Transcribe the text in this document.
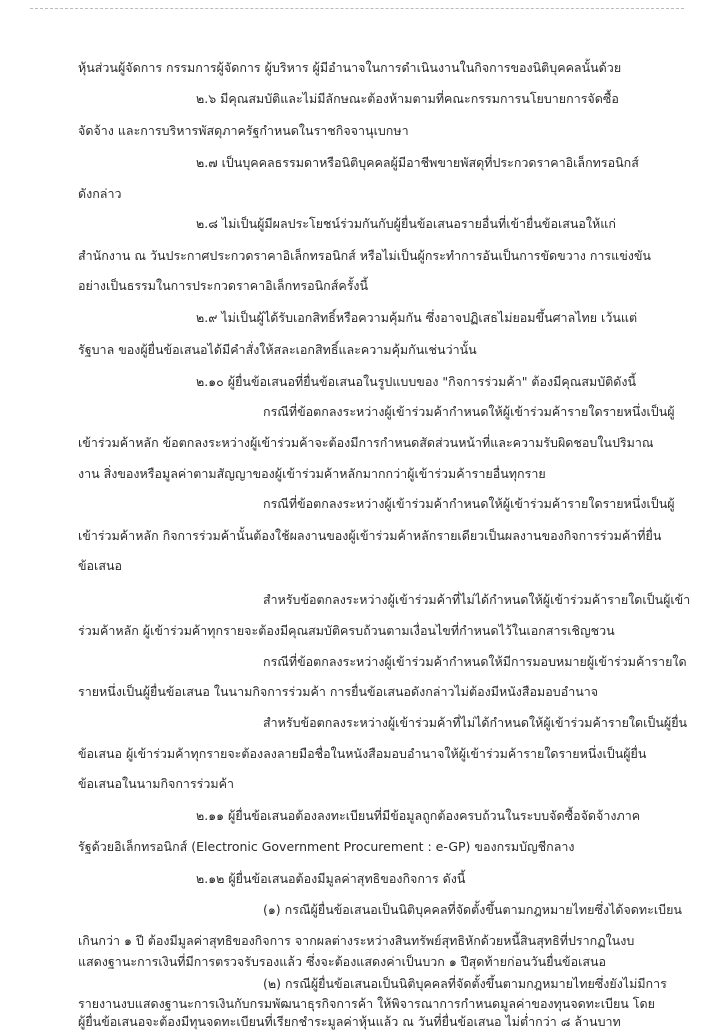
หุ้นส่วนผู้จัดการ กรรมการผู้จัดการ ผู้บริหาร ผู้มีอำนาจในการดำเนินงานในกิจการของนิติบุคคลนั้นด้วย
๒.๖ มีคุณสมบัติและไม่มีลักษณะต้องห้ามตามที่คณะกรรมการนโยบายการจัดซื้อ
จัดจ้าง และการบริหารพัสดุภาครัฐกำหนดในราชกิจจานุเบกษา
๒.๗ เป็นบุคคลธรรมดาหรือนิติบุคคลผู้มีอาชีพขายพัสดุที่ประกวดราคาอิเล็กทรอนิกส์
ดังกล่าว
๒.๘ ไม่เป็นผู้มีผลประโยชน์ร่วมกันกับผู้ยื่นข้อเสนอรายอื่นที่เข้ายื่นข้อเสนอให้แก่
สำนักงาน ณ วันประกาศประกวดราคาอิเล็กทรอนิกส์ หรือไม่เป็นผู้กระทำการอันเป็นการขัดขวาง การแข่งขัน
อย่างเป็นธรรมในการประกวดราคาอิเล็กทรอนิกส์ครั้งนี้
๒.๙ ไม่เป็นผู้ได้รับเอกสิทธิ์หรือความคุ้มกัน ซึ่งอาจปฏิเสธไม่ยอมขึ้นศาลไทย เว้นแต่
รัฐบาล ของผู้ยื่นข้อเสนอได้มีคำสั่งให้สละเอกสิทธิ์และความคุ้มกันเช่นว่านั้น
๒.๑๐ ผู้ยื่นข้อเสนอที่ยื่นข้อเสนอในรูปแบบของ "กิจการร่วมค้า" ต้องมีคุณสมบัติดังนี้
กรณีที่ข้อตกลงระหว่างผู้เข้าร่วมค้ากำหนดให้ผู้เข้าร่วมค้ารายใดรายหนึ่งเป็นผู้
เข้าร่วมค้าหลัก ข้อตกลงระหว่างผู้เข้าร่วมค้าจะต้องมีการกำหนดสัดส่วนหน้าที่และความรับผิดชอบในปริมาณ
งาน สิ่งของหรือมูลค่าตามสัญญาของผู้เข้าร่วมค้าหลักมากกว่าผู้เข้าร่วมค้ารายอื่นทุกราย
กรณีที่ข้อตกลงระหว่างผู้เข้าร่วมค้ากำหนดให้ผู้เข้าร่วมค้ารายใดรายหนึ่งเป็นผู้
เข้าร่วมค้าหลัก กิจการร่วมค้านั้นต้องใช้ผลงานของผู้เข้าร่วมค้าหลักรายเดียวเป็นผลงานของกิจการร่วมค้าที่ยื่น
ข้อเสนอ
สำหรับข้อตกลงระหว่างผู้เข้าร่วมค้าที่ไม่ได้กำหนดให้ผู้เข้าร่วมค้ารายใดเป็นผู้เข้า
ร่วมค้าหลัก ผู้เข้าร่วมค้าทุกรายจะต้องมีคุณสมบัติครบถ้วนตามเงื่อนไขที่กำหนดไว้ในเอกสารเชิญชวน
กรณีที่ข้อตกลงระหว่างผู้เข้าร่วมค้ากำหนดให้มีการมอบหมายผู้เข้าร่วมค้ารายใด
รายหนึ่งเป็นผู้ยื่นข้อเสนอ ในนามกิจการร่วมค้า การยื่นข้อเสนอดังกล่าวไม่ต้องมีหนังสือมอบอำนาจ
สำหรับข้อตกลงระหว่างผู้เข้าร่วมค้าที่ไม่ได้กำหนดให้ผู้เข้าร่วมค้ารายใดเป็นผู้ยื่น
ข้อเสนอ ผู้เข้าร่วมค้าทุกรายจะต้องลงลายมือชื่อในหนังสือมอบอำนาจให้ผู้เข้าร่วมค้ารายใดรายหนึ่งเป็นผู้ยื่น
ข้อเสนอในนามกิจการร่วมค้า
๒.๑๑ ผู้ยื่นข้อเสนอต้องลงทะเบียนที่มีข้อมูลถูกต้องครบถ้วนในระบบจัดซื้อจัดจ้างภาค
รัฐด้วยอิเล็กทรอนิกส์ (Electronic Government Procurement : e-GP) ของกรมบัญชีกลาง
๒.๑๒ ผู้ยื่นข้อเสนอต้องมีมูลค่าสุทธิของกิจการ ดังนี้
(๑) กรณีผู้ยื่นข้อเสนอเป็นนิติบุคคลที่จัดตั้งขึ้นตามกฎหมายไทยซึ่งได้จดทะเบียน
เกินกว่า ๑ ปี ต้องมีมูลค่าสุทธิของกิจการ จากผลต่างระหว่างสินทรัพย์สุทธิหักด้วยหนี้สินสุทธิที่ปรากฏในงบ
แสดงฐานะการเงินที่มีการตรวจรับรองแล้ว ซึ่งจะต้องแสดงค่าเป็นบวก ๑ ปีสุดท้ายก่อนวันยื่นข้อเสนอ
(๒) กรณีผู้ยื่นข้อเสนอเป็นนิติบุคคลที่จัดตั้งขึ้นตามกฎหมายไทยซึ่งยังไม่มีการ
รายงานงบแสดงฐานะการเงินกับกรมพัฒนาธุรกิจการค้า ให้พิจารณาการกำหนดมูลค่าของทุนจดทะเบียน โดย
ผู้ยื่นข้อเสนอจะต้องมีทุนจดทะเบียนที่เรียกชำระมูลค่าหุ้นแล้ว ณ วันที่ยื่นข้อเสนอ ไม่ต่ำกว่า ๘ ล้านบาท
